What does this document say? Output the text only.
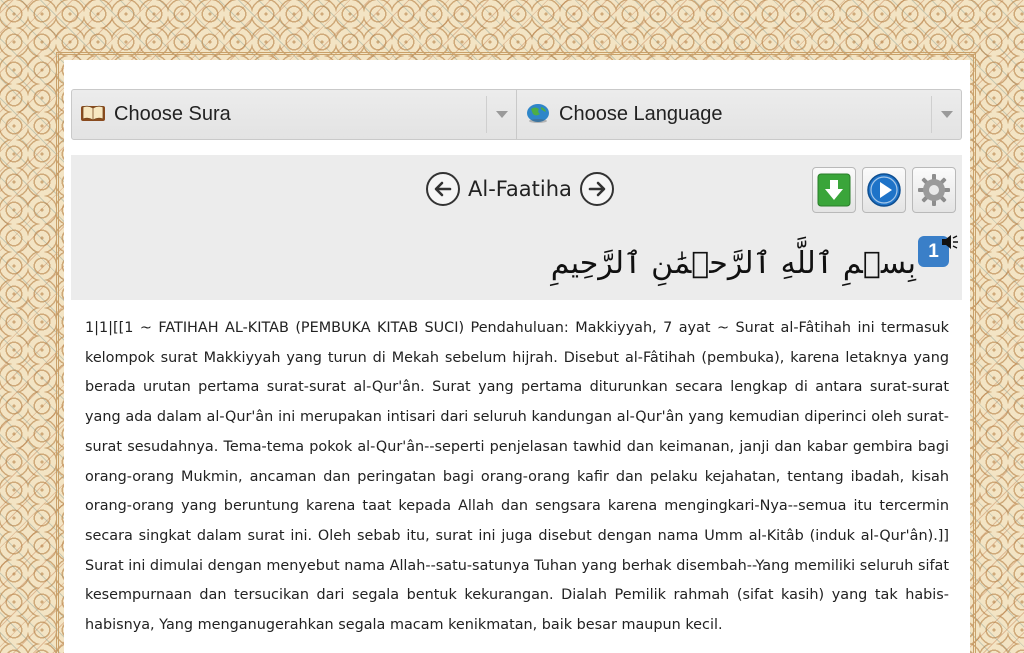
Choose Sura	Choose Language
Al-Faatiha
1
بِسۡمِ ٱللَّهِ ٱلرَّحۡمَٰنِ ٱلرَّحِيمِ
1|1|[[1 ~ FATIHAH AL-KITAB (PEMBUKA KITAB SUCI) Pendahuluan: Makkiyyah, 7 ayat ~ Surat al-Fâtihah ini termasuk kelompok surat Makkiyyah yang turun di Mekah sebelum hijrah. Disebut al-Fâtihah (pembuka), karena letaknya yang berada urutan pertama surat-surat al-Qur'ân. Surat yang pertama diturunkan secara lengkap di antara surat-surat yang ada dalam al-Qur'ân ini merupakan intisari dari seluruh kandungan al-Qur'ân yang kemudian diperinci oleh surat-surat sesudahnya. Tema-tema pokok al-Qur'ân--seperti penjelasan tawhid dan keimanan, janji dan kabar gembira bagi orang-orang Mukmin, ancaman dan peringatan bagi orang-orang kafir dan pelaku kejahatan, tentang ibadah, kisah orang-orang yang beruntung karena taat kepada Allah dan sengsara karena mengingkari-Nya--semua itu tercermin secara singkat dalam surat ini. Oleh sebab itu, surat ini juga disebut dengan nama Umm al-Kitâb (induk al-Qur'ân).]] Surat ini dimulai dengan menyebut nama Allah--satu-satunya Tuhan yang berhak disembah--Yang memiliki seluruh sifat kesempurnaan dan tersucikan dari segala bentuk kekurangan. Dialah Pemilik rahmah (sifat kasih) yang tak habis-habisnya, Yang menganugerahkan segala macam kenikmatan, baik besar maupun kecil.
